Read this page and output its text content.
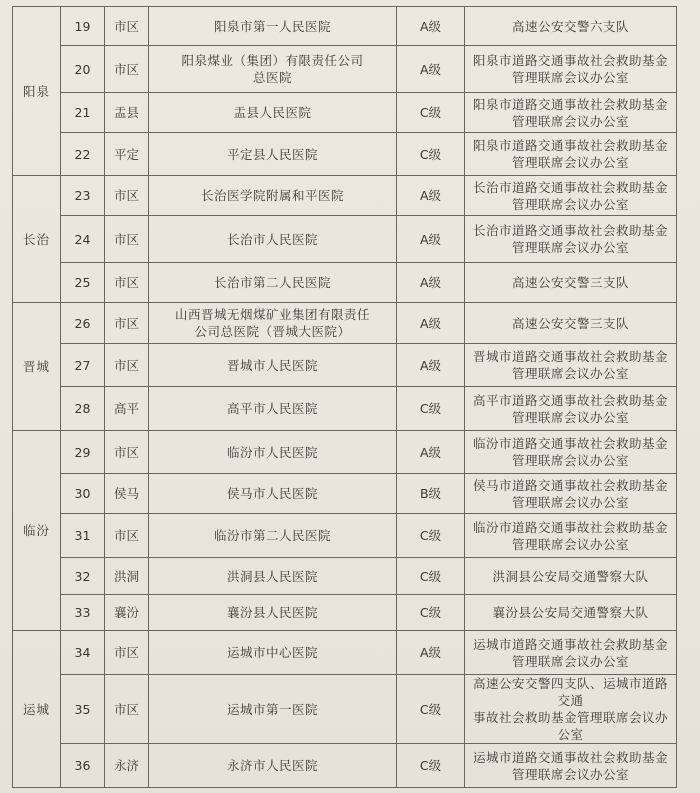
阳泉	19	市区	阳泉市第一人民医院	A级	高速公安交警六支队

	20	市区	阳泉煤业（集团）有限责任公司
总医院	A级	阳泉市道路交通事故社会救助基金
管理联席会议办公室

	21	盂县	盂县人民医院	C级	阳泉市道路交通事故社会救助基金
管理联席会议办公室

	22	平定	平定县人民医院	C级	阳泉市道路交通事故社会救助基金
管理联席会议办公室

长治	23	市区	长治医学院附属和平医院	A级	长治市道路交通事故社会救助基金
管理联席会议办公室

	24	市区	长治市人民医院	A级	长治市道路交通事故社会救助基金
管理联席会议办公室

	25	市区	长治市第二人民医院	A级	高速公安交警三支队

晋城	26	市区	山西晋城无烟煤矿业集团有限责任
公司总医院（晋城大医院）	A级	高速公安交警三支队

	27	市区	晋城市人民医院	A级	晋城市道路交通事故社会救助基金
管理联席会议办公室

	28	高平	高平市人民医院	C级	高平市道路交通事故社会救助基金
管理联席会议办公室

临汾	29	市区	临汾市人民医院	A级	临汾市道路交通事故社会救助基金
管理联席会议办公室

	30	侯马	侯马市人民医院	B级	侯马市道路交通事故社会救助基金
管理联席会议办公室

	31	市区	临汾市第二人民医院	C级	临汾市道路交通事故社会救助基金
管理联席会议办公室

	32	洪洞	洪洞县人民医院	C级	洪洞县公安局交通警察大队

	33	襄汾	襄汾县人民医院	C级	襄汾县公安局交通警察大队

运城	34	市区	运城市中心医院	A级	运城市道路交通事故社会救助基金
管理联席会议办公室

	35	市区	运城市第一医院	C级	高速公安交警四支队、运城市道路交通
事故社会救助基金管理联席会议办公室

	36	永济	永济市人民医院	C级	运城市道路交通事故社会救助基金
管理联席会议办公室
